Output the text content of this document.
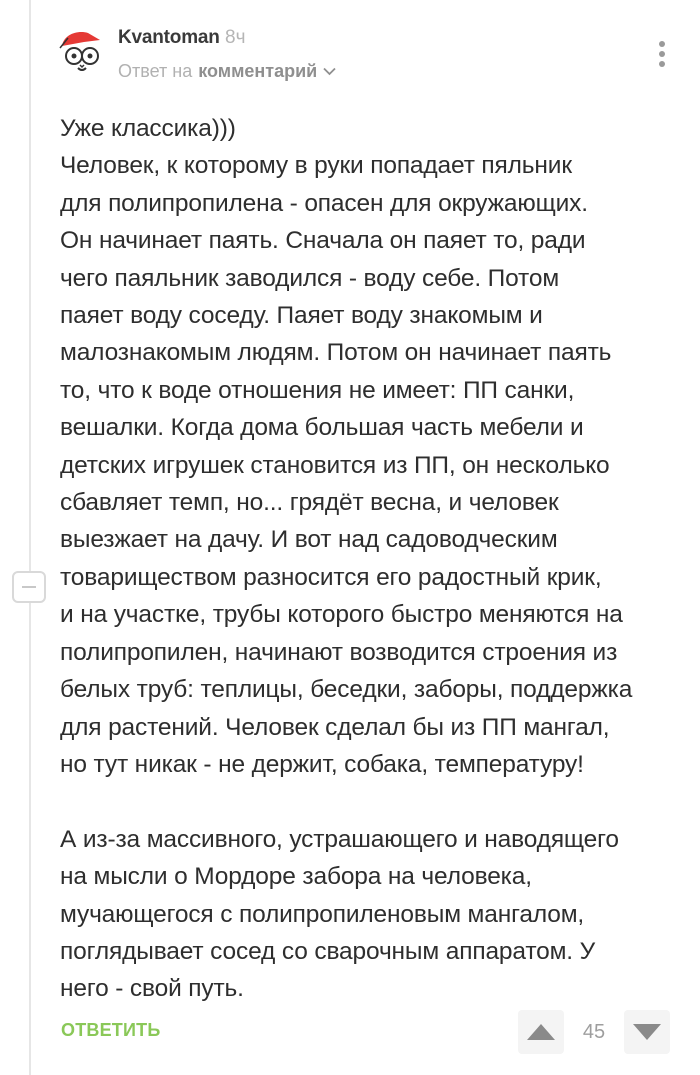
Kvantoman 8ч
Ответ на комментарий
Уже классика)))
Человек, к которому в руки попадает пяльник
для полипропилена - опасен для окружающих.
Он начинает паять. Сначала он паяет то, ради
чего паяльник заводился - воду себе. Потом
паяет воду соседу. Паяет воду знакомым и
малознакомым людям. Потом он начинает паять
то, что к воде отношения не имеет: ПП санки,
вешалки. Когда дома большая часть мебели и
детских игрушек становится из ПП, он несколько
сбавляет темп, но... грядёт весна, и человек
выезжает на дачу. И вот над садоводческим
товариществом разносится его радостный крик,
и на участке, трубы которого быстро меняются на
полипропилен, начинают возводится строения из
белых труб: теплицы, беседки, заборы, поддержка
для растений. Человек сделал бы из ПП мангал,
но тут никак - не держит, собака, температуру!

А из-за массивного, устрашающего и наводящего
на мысли о Мордоре забора на человека,
мучающегося с полипропиленовым мангалом,
поглядывает сосед со сварочным аппаратом. У
него - свой путь.
ОТВЕТИТЬ	45
